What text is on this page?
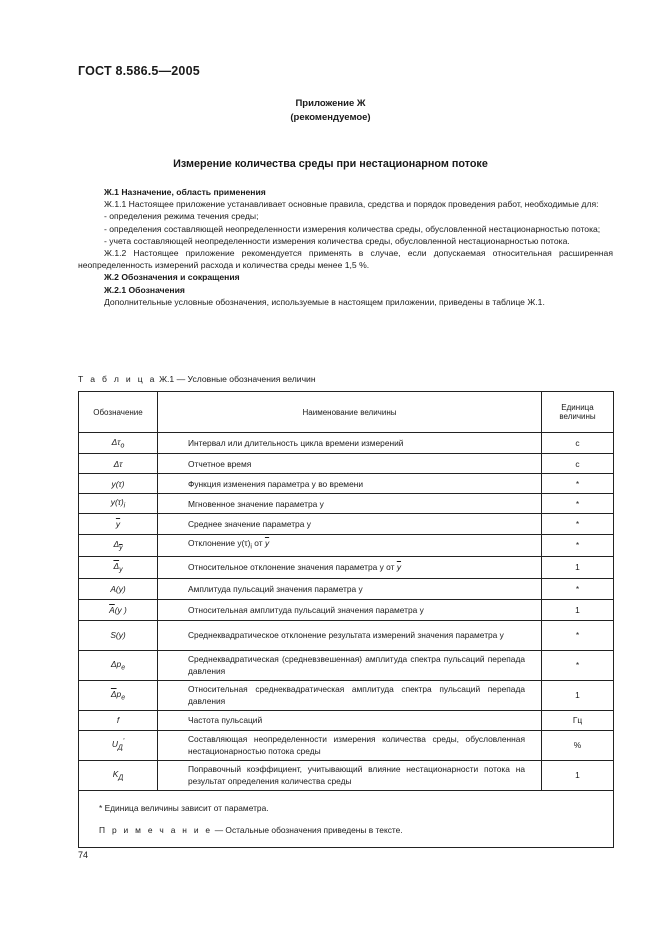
ГОСТ 8.586.5—2005
Приложение Ж
(рекомендуемое)
Измерение количества среды при нестационарном потоке

Ж.1 Назначение, область применения

Ж.1.1 Настоящее приложение устанавливает основные правила, средства и порядок проведения работ, необходимые для:

- определения режима течения среды;

- определения составляющей неопределенности измерения количества среды, обусловленной нестационарностью потока;

- учета составляющей неопределенности измерения количества среды, обусловленной нестационарностью потока.

Ж.1.2 Настоящее приложение рекомендуется применять в случае, если допускаемая относительная расширенная неопределенность измерений расхода и количества среды менее 1,5 %.

Ж.2 Обозначения и сокращения

Ж.2.1 Обозначения

Дополнительные условные обозначения, используемые в настоящем приложении, приведены в таблице Ж.1.

Т а б л и ц а Ж.1 — Условные обозначения величин
Обозначение	Наименование величины	Единица величины
$\Delta\tau_о$	Интервал или длительность цикла времени измерений	с
Δτ	Отчетное время	с
y(τ)	Функция изменения параметра y во времени	*
$y(\tau)_i$	Мгновенное значение параметра y	*
$\overline{y}$	Среднее значение параметра y	*
$\Delta_{\overline{y}}$	Отклонение $y(\tau)_i$ от $\overline{y}$	*
$\overline{\Delta}_y$	Относительное отклонение значения параметра y от $\overline{y}$	1
A(y)	Амплитуда пульсаций значения параметра y	*
$\overline{A}(y$ )	Относительная амплитуда пульсаций значения параметра y	1
S(y)	Среднеквадратическое отклонение результата измерений значения параметра y	*
$\Delta p_e$	Среднеквадратическая (средневзвешенная) амплитуда спектра пульсаций перепада давления	*
$\overline{\Delta}p_e$	Относительная среднеквадратическая амплитуда спектра пульсаций перепада давления	1
f	Частота пульсаций	Гц
$U_Д'$	Составляющая неопределенности измерения количества среды, обусловленная нестационарностью потока среды	%
$K_Д$	Поправочный коэффициент, учитывающий влияние нестационарности потока на результат определения количества среды	1

* Единица величины зависит от параметра.
П р и м е ч а н и е — Остальные обозначения приведены в тексте.		
74
